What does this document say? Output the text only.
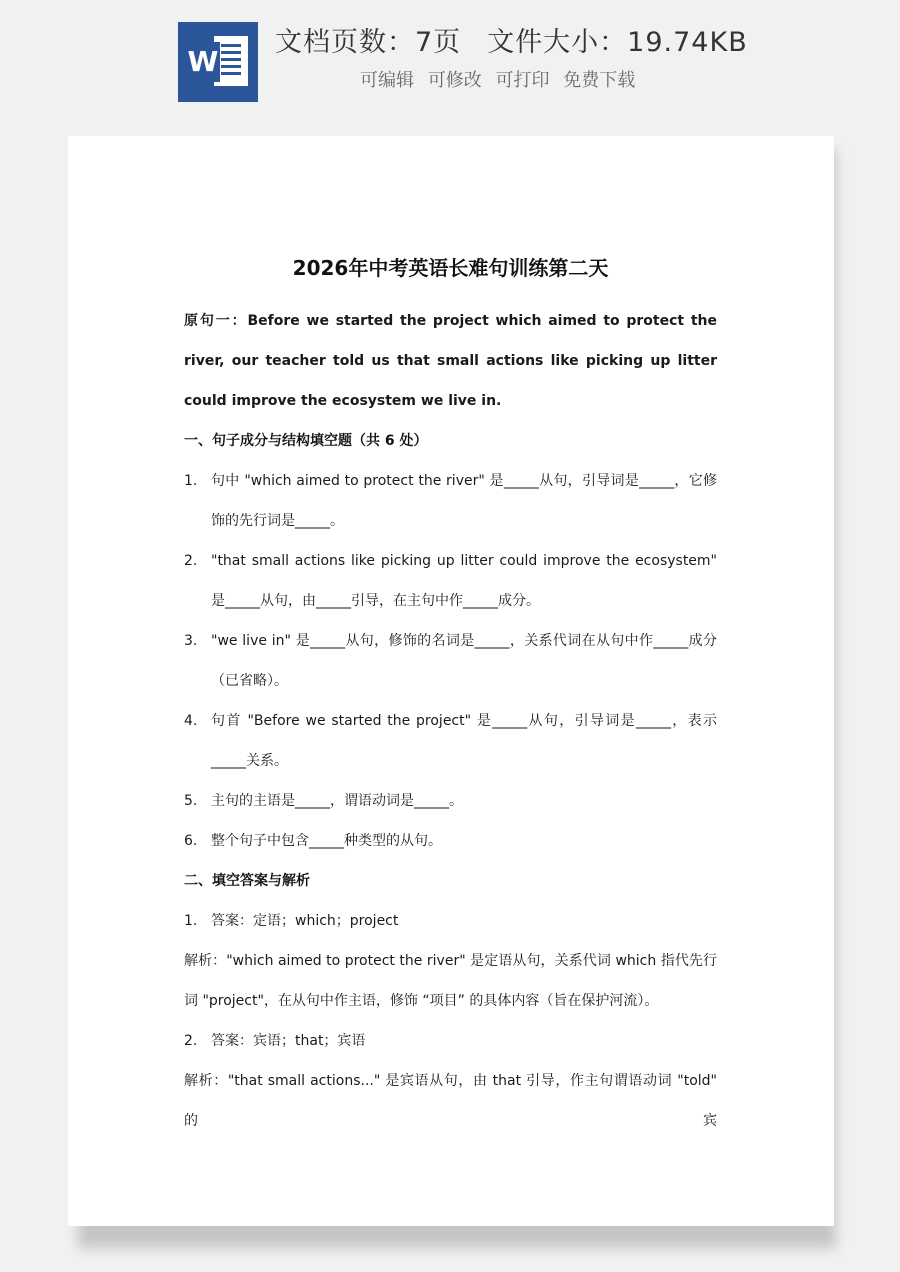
W
文档页数：7页 文件大小：19.74KB
可编辑 可修改 可打印 免费下载
2026年中考英语长难句训练第二天
原句一：Before we started the project which aimed to protect the river, our teacher told us that small actions like picking up litter could improve the ecosystem we live in.
一、句子成分与结构填空题（共 6 处）
1. 句中 "which aimed to protect the river" 是_____从句，引导词是_____，它修饰的先行词是_____。
2. "that small actions like picking up litter could improve the ecosystem" 是_____从句，由_____引导，在主句中作_____成分。
3. "we live in" 是_____从句，修饰的名词是_____，关系代词在从句中作_____成分（已省略）。
4. 句首 "Before we started the project" 是_____从句，引导词是_____，表示_____关系。
5. 主句的主语是_____，谓语动词是_____。
6. 整个句子中包含_____种类型的从句。
二、填空答案与解析
1. 答案：定语；which；project
解析："which aimed to protect the river" 是定语从句，关系代词 which 指代先行词 "project"，在从句中作主语，修饰 “项目” 的具体内容（旨在保护河流）。
2. 答案：宾语；that；宾语
解析："that small actions..." 是宾语从句，由 that 引导，作主句谓语动词 "told" 的宾
